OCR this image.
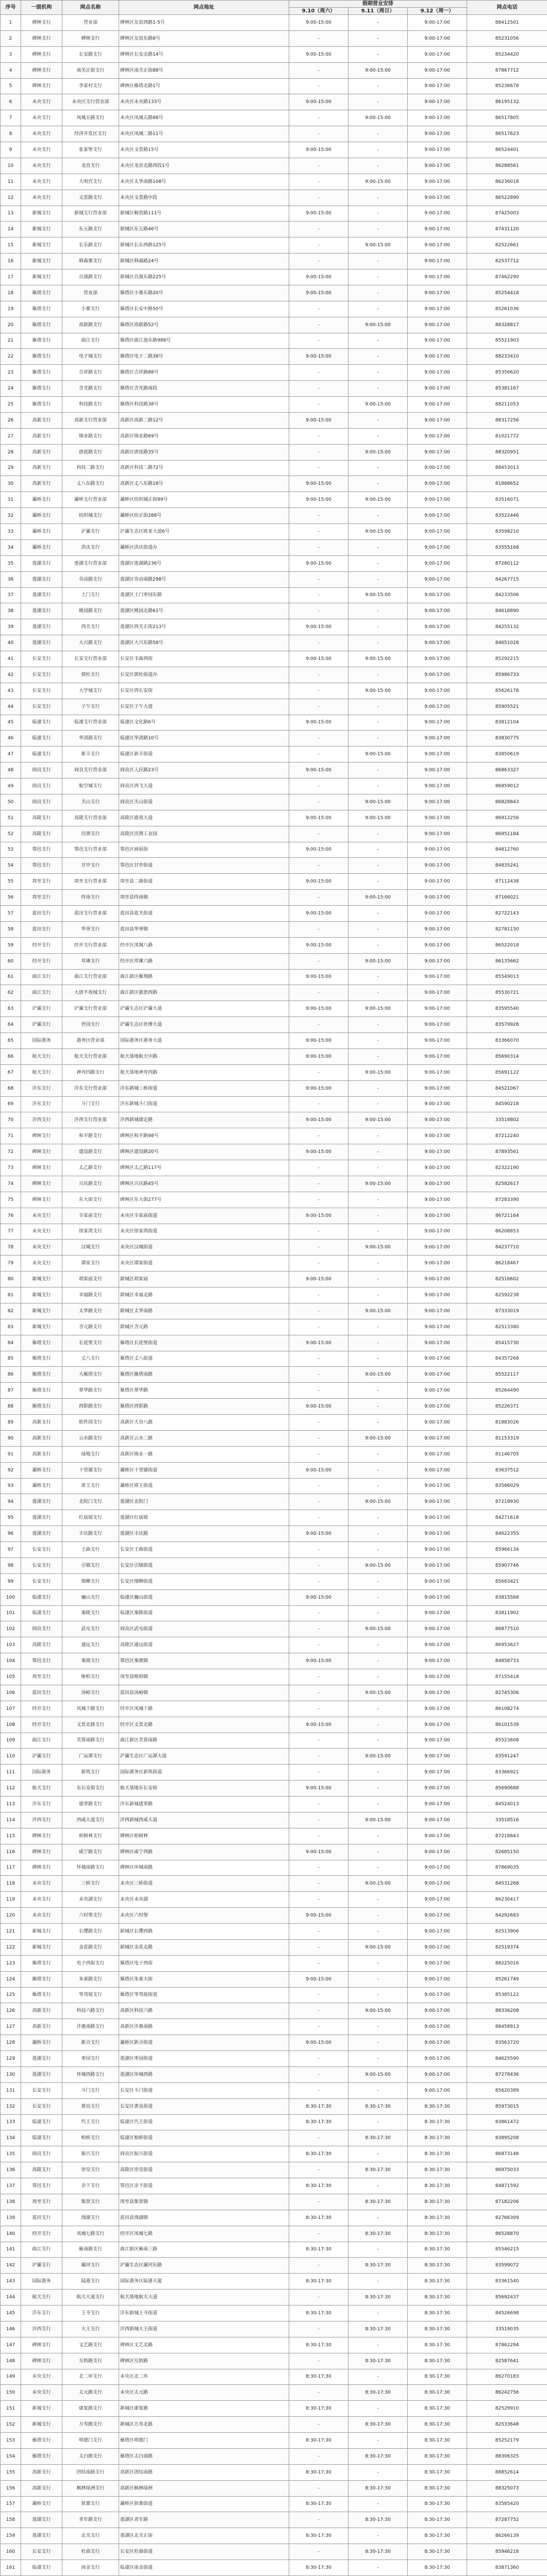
序号	一级机构	网点名称	网点地址	假期营业安排			网点电话
				9.10（周六）	9.11（周日）	9.12（周一）	
1	碑林支行	营业部	碑林区友谊西路1-5号	9:00-15:00	-	9:00-17:00	88412501
2	碑林支行	碑林支行	碑林区友谊东路8号	-	-	9:00-17:00	85231056
3	碑林支行	长安路支行	碑林区长安北路14号	9:00-15:00	-	9:00-17:00	85234420
4	碑林支行	南关正街支行	碑林区南关正街88号	-	9:00-15:00	9:00-17:00	87867712
5	碑林支行	李家村支行	碑林区雁塔北路1号	-	-	9:00-17:00	85236678
6	未央支行	未央区支行营业部	未央区未央路133号	9:00-15:00	-	9:00-17:00	86195132
7	未央支行	凤城五路支行	未央区凤城五路88号	-	9:00-15:00	9:00-17:00	86517805
8	未央支行	经济开发区支行	未央区凤城二路11号	-	-	9:00-17:00	86517623
9	未央支行	张家堡支行	未央区文景路15号	9:00-15:00	-	9:00-17:00	86524401
10	未央支行	龙首支行	未央区龙首北路西段1号	-	-	9:00-17:00	86288561
11	未央支行	大明宫支行	未央区太华南路108号	-	9:00-15:00	9:00-17:00	86236018
12	未央支行	文景路支行	未央区文景路中段	-	-	9:00-17:00	86522890
13	新城支行	新城支行营业部	新城区解放路111号	9:00-15:00	-	9:00-17:00	87425003
14	新城支行	东五路支行	新城区东五路46号	-	-	9:00-17:00	87431120
15	新城支行	长乐路支行	新城区长乐西路125号	-	9:00-15:00	9:00-17:00	82522661
16	新城支行	韩森寨支行	新城区韩森路24号	-	-	9:00-17:00	82537712
17	新城支行	自强路支行	新城区自强东路225号	9:00-15:00	-	9:00-17:00	87462290
18	雁塔支行	营业部	雁塔区小寨东路20号	9:00-15:00	-	9:00-17:00	85254418
19	雁塔支行	小寨支行	雁塔区长安中路50号	-	-	9:00-17:00	85261036
20	雁塔支行	高新路支行	雁塔区高新路52号	-	9:00-15:00	9:00-17:00	88328817
21	雁塔支行	曲江支行	雁塔区曲江池东路988号	-	-	9:00-17:00	85521903
22	雁塔支行	电子城支行	雁塔区电子二路38号	9:00-15:00	-	9:00-17:00	88233410
23	雁塔支行	吉祥路支行	雁塔区吉祥路88号	-	-	9:00-17:00	85356620
24	雁塔支行	含光路支行	雁塔区含光路南段	-	-	9:00-17:00	85381167
25	雁塔支行	科技路支行	雁塔区科技路38号	-	9:00-15:00	9:00-17:00	88211053
26	高新支行	高新支行营业部	高新区高新二路12号	9:00-15:00	-	9:00-17:00	88317256
27	高新支行	锦业路支行	高新区锦业路69号	-	-	9:00-17:00	81021772
28	高新支行	唐延路支行	高新区唐延路35号	-	9:00-15:00	9:00-17:00	88320951
29	高新支行	科技二路支行	高新区科技二路72号	-	-	9:00-17:00	88453013
30	高新支行	丈八东路支行	高新区丈八东路18号	9:00-15:00	-	9:00-17:00	81888652
31	灞桥支行	灞桥支行营业部	灞桥区纺织城正街99号	9:00-15:00	9:00-15:00	9:00-17:00	83516071
32	灞桥支行	纺织城支行	灞桥区纺正街288号	-	-	9:00-17:00	83522446
33	灞桥支行	浐灞支行	浐灞生态区欧亚大道6号	-	9:00-15:00	9:00-17:00	83598210
34	灞桥支行	洪庆支行	灞桥区洪庆街道办	-	-	9:00-17:00	83555168
35	莲湖支行	莲湖支行营业部	莲湖区莲湖路236号	9:00-15:00	-	9:00-17:00	87280112
36	莲湖支行	劳动路支行	莲湖区劳动南路298号	-	-	9:00-17:00	84267715
37	莲湖支行	土门支行	莲湖区土门枣园东路	-	9:00-15:00	9:00-17:00	84233506
38	莲湖支行	桃园路支行	莲湖区桃园北路61号	-	-	9:00-17:00	84618890
39	莲湖支行	西关支行	莲湖区西关正街213号	9:00-15:00	-	9:00-17:00	84255132
40	莲湖支行	大兴路支行	莲湖区大兴东路58号	-	-	9:00-17:00	84651028
41	长安支行	长安支行营业部	长安区韦曲西街	9:00-15:00	9:00-15:00	9:00-17:00	85292215
42	长安支行	郭杜支行	长安区郭杜街道办	-	-	9:00-17:00	85986733
43	长安支行	大学城支行	长安区西长安街	-	9:00-15:00	9:00-17:00	85626178
44	长安支行	子午支行	长安区子午大道	-	-	9:00-17:00	85905521
45	临潼支行	临潼支行营业部	临潼区文化路6号	9:00-15:00	-	9:00-17:00	83812104
46	临潼支行	华清路支行	临潼区华清路10号	-	-	9:00-17:00	83830775
47	临潼支行	新丰支行	临潼区新丰街道	-	9:00-15:00	9:00-17:00	83850619
48	阎良支行	阎良支行营业部	阎良区人民路23号	9:00-15:00	-	9:00-17:00	86863327
49	阎良支行	航空城支行	阎良区西飞大道	-	-	9:00-17:00	86859012
50	阎良支行	关山支行	阎良区关山街道	-	9:00-15:00	9:00-17:00	86828843
51	高陵支行	高陵支行营业部	高陵区鹿苑大道	9:00-15:00	9:00-15:00	9:00-17:00	86912256
52	高陵支行	泾渭支行	高陵区泾渭工业园	-	-	9:00-17:00	86951184
53	鄠邑支行	鄠邑支行营业部	鄠邑区画展街	9:00-15:00	-	9:00-17:00	84812760
54	鄠邑支行	甘亭支行	鄠邑区甘亭街道	-	-	9:00-17:00	84835241
55	周至支行	周至支行营业部	周至县二曲街道	9:00-15:00	-	9:00-17:00	87112438
56	周至支行	终南支行	周至县终南镇	-	9:00-15:00	9:00-17:00	87166021
57	蓝田支行	蓝田支行营业部	蓝田县蓝关街道	9:00-15:00	-	9:00-17:00	82722143
58	蓝田支行	华胥支行	蓝田县华胥镇	-	-	9:00-17:00	82781150
59	经开支行	经开支行营业部	经开区凤城八路	9:00-15:00	-	9:00-17:00	86522018
60	经开支行	草滩支行	经开区草滩六路	-	9:00-15:00	9:00-17:00	86135662
61	曲江支行	曲江支行营业部	曲江新区雁翔路	9:00-15:00	-	9:00-17:00	85549013
62	曲江支行	大唐不夜城支行	曲江新区慈恩西路	-	-	9:00-17:00	85530721
63	浐灞支行	浐灞支行营业部	浐灞生态区浐灞大道	9:00-15:00	9:00-15:00	9:00-17:00	83595540
64	浐灞支行	世园支行	浐灞生态区世博大道	-	-	9:00-17:00	83579928
65	国际港务	港务区营业部	国际港务区港务大道	9:00-15:00	-	9:00-17:00	83366070
66	航天支行	航天支行营业部	航天基地航天中路	9:00-15:00	-	9:00-17:00	85690314
67	航天支行	神舟四路支行	航天基地神舟四路	-	9:00-15:00	9:00-17:00	85691122
68	沣东支行	沣东支行营业部	沣东新城三桥街道	9:00-15:00	-	9:00-17:00	84521067
69	沣东支行	斗门支行	沣东新城斗门街道	-	-	9:00-17:00	84590218
70	沣西支行	沣西支行营业部	沣西新城康定路	9:00-15:00	9:00-15:00	9:00-17:00	33518802
71	碑林支行	和平路支行	碑林区和平路98号	-	-	9:00-17:00	87212240
72	碑林支行	建设路支行	碑林区建设路20号	9:00-15:00	-	9:00-17:00	87893561
73	碑林支行	太乙路支行	碑林区太乙路117号	-	-	9:00-17:00	82322190
74	碑林支行	兴庆路支行	碑林区兴庆路45号	-	9:00-15:00	9:00-17:00	82582617
75	碑林支行	东大街支行	碑林区东大街277号	-	-	9:00-17:00	87283390
76	未央支行	辛家庙支行	未央区辛家庙街道	9:00-15:00	-	9:00-17:00	86721164
77	未央支行	徐家湾支行	未央区徐家湾街道	-	-	9:00-17:00	86208853
78	未央支行	汉城支行	未央区汉城街道	-	9:00-15:00	9:00-17:00	84237710
79	未央支行	谭家支行	未央区谭家街道	-	-	9:00-17:00	86218467
80	新城支行	胡家庙支行	新城区胡家庙	9:00-15:00	-	9:00-17:00	82516602
81	新城支行	幸福路支行	新城区幸福北路	-	-	9:00-17:00	82592238
82	新城支行	太华路支行	新城区太华南路	-	9:00-15:00	9:00-17:00	87333019
83	新城支行	含元路支行	新城区含元路	-	-	9:00-17:00	82513380
84	雁塔支行	长延堡支行	雁塔区长延堡街道	9:00-15:00	-	9:00-17:00	85415730
85	雁塔支行	丈八支行	雁塔区丈八街道	-	-	9:00-17:00	84357268
86	雁塔支行	大雁塔支行	雁塔区雁塔南路	-	9:00-15:00	9:00-17:00	85522117
87	雁塔支行	翠华路支行	雁塔区翠华路	-	-	9:00-17:00	85264490
88	雁塔支行	西影路支行	雁塔区西影路	9:00-15:00	-	9:00-17:00	85226371
89	高新支行	软件园支行	高新区天谷八路	-	-	9:00-17:00	81883026
90	高新支行	云水路支行	高新区云水二路	-	9:00-15:00	9:00-17:00	81153319
91	高新支行	绿地支行	高新区锦业一路	-	-	9:00-17:00	81146705
92	灞桥支行	十里铺支行	灞桥区十里铺街道	9:00-15:00	-	9:00-17:00	83637512
93	灞桥支行	席王支行	灞桥区席王街道	-	-	9:00-17:00	83586029
94	莲湖支行	北院门支行	莲湖区北院门	-	9:00-15:00	9:00-17:00	87219930
95	莲湖支行	红庙坡支行	莲湖区红庙坡	-	-	9:00-17:00	84271618
96	莲湖支行	丰庆路支行	莲湖区丰庆路	9:00-15:00	-	9:00-17:00	84622355
97	长安支行	王曲支行	长安区王曲街道	-	-	9:00-17:00	85966134
98	长安支行	引镇支行	长安区引镇街道	-	9:00-15:00	9:00-17:00	85907746
99	长安支行	细柳支行	长安区细柳街道	-	-	9:00-17:00	85683421
100	临潼支行	骊山支行	临潼区骊山街道	9:00-15:00	-	9:00-17:00	83815568
101	临潼支行	秦陵支行	临潼区秦陵街道	-	-	9:00-17:00	83811902
102	阎良支行	武屯支行	阎良区武屯街道	-	9:00-15:00	9:00-17:00	86877510
103	高陵支行	通远支行	高陵区通远街道	-	-	9:00-17:00	86953627
104	鄠邑支行	秦渡支行	鄠邑区秦渡镇	9:00-15:00	-	9:00-17:00	84858733
105	周至支行	哑柏支行	周至县哑柏镇	-	-	9:00-17:00	87155418
106	蓝田支行	汤峪支行	蓝田县汤峪镇	-	9:00-15:00	9:00-17:00	82745306
107	经开支行	凤城十路支行	经开区凤城十路	-	-	9:00-17:00	86108274
108	经开支行	文景北路支行	经开区文景北路	9:00-15:00	-	9:00-17:00	86101539
109	曲江支行	芙蓉南路支行	曲江新区芙蓉南路	-	-	9:00-17:00	85523608
110	浐灞支行	广运潭支行	浐灞生态区广运潭大道	-	9:00-15:00	9:00-17:00	83591247
111	国际港务	新筑支行	国际港务区新筑街道	-	-	9:00-17:00	83366921
112	航天支行	东长安街支行	航天基地东长安街	9:00-15:00	-	9:00-17:00	85690688
113	沣东支行	建章路支行	沣东新城建章路	-	-	9:00-17:00	84524013
114	沣西支行	西咸大道支行	沣西新城西咸大道	-	9:00-15:00	9:00-17:00	33518516
115	碑林支行	柏树林支行	碑林区柏树林	-	-	9:00-17:00	87218843
116	碑林支行	咸宁路支行	碑林区咸宁西路	9:00-15:00	-	9:00-17:00	82685150
117	碑林支行	环城南路支行	碑林区环城南路	-	-	9:00-17:00	87869035
118	未央支行	三桥支行	未央区三桥街道	-	9:00-15:00	9:00-17:00	84531268
119	未央支行	未央湖支行	未央区未央湖	-	-	9:00-17:00	86230417
120	未央支行	六村堡支行	未央区六村堡	9:00-15:00	-	9:00-17:00	84292683
121	新城支行	长缨路支行	新城区长缨西路	-	-	9:00-17:00	82513906
122	新城支行	金花路支行	新城区金花北路	-	9:00-15:00	9:00-17:00	82519374
123	雁塔支行	电子西街支行	雁塔区电子西街	-	-	9:00-17:00	88225016
124	雁塔支行	朱雀路支行	雁塔区朱雀大街	9:00-15:00	-	9:00-17:00	85261749
125	雁塔支行	等驾坡支行	雁塔区等驾坡街道	-	-	9:00-17:00	85385122
126	高新支行	科技六路支行	高新区科技六路	-	9:00-15:00	9:00-17:00	88336208
127	高新支行	沣惠南路支行	高新区沣惠南路	-	-	9:00-17:00	88458913
128	灞桥支行	新合支行	灞桥区新合街道	9:00-15:00	-	9:00-17:00	83563720
129	莲湖支行	枣园支行	莲湖区枣园街道	-	-	9:00-17:00	84625590
130	莲湖支行	环城西路支行	莲湖区环城西路	-	9:00-15:00	9:00-17:00	87278436
131	长安支行	斗门支行	长安区斗门街道	-	-	9:00-17:00	85620389
132	长安支行	黄良支行	长安区黄良街道	8:30-17:30	8:30-17:30	8:30-17:30	85973015
133	临潼支行	代王支行	临潼区代王街道	8:30-17:30	-	8:30-17:30	83861472
134	临潼支行	相桥支行	临潼区相桥街道	-	8:30-17:30	8:30-17:30	83895208
135	阎良支行	振兴支行	阎良区振兴街道	8:30-17:30	-	8:30-17:30	86873146
136	高陵支行	崇皇支行	高陵区崇皇街道	-	8:30-17:30	8:30-17:30	86975033
137	鄠邑支行	余下支行	鄠邑区余下街道	8:30-17:30	-	8:30-17:30	84871592
138	周至支行	集贤支行	周至县集贤镇	-	8:30-17:30	8:30-17:30	87182206
139	蓝田支行	洩湖支行	蓝田县洩湖镇	8:30-17:30	-	8:30-17:30	82766309
140	经开支行	凤城七路支行	经开区凤城七路	-	8:30-17:30	8:30-17:30	86528870
141	曲江支行	雁南路支行	曲江新区雁南三路	8:30-17:30	-	8:30-17:30	85546215
142	浐灞支行	灞河支行	浐灞生态区灞河东路	-	8:30-17:30	8:30-17:30	83599072
143	国际港务	陆港支行	国际港务区陆港大厦	8:30-17:30	-	8:30-17:30	83361540
144	航天支行	航天大道支行	航天基地航天大道	-	8:30-17:30	8:30-17:30	85692437
145	沣东支行	王寺支行	沣东新城王寺街道	8:30-17:30	-	8:30-17:30	84526698
146	沣西支行	大王支行	沣西新城大王街道	-	8:30-17:30	8:30-17:30	33519035
147	碑林支行	文艺路支行	碑林区文艺北路	8:30-17:30	-	8:30-17:30	87862294
148	碑林支行	互助路支行	碑林区互助路	-	8:30-17:30	8:30-17:30	82587641
149	未央支行	北二环支行	未央区北二环	8:30-17:30	-	8:30-17:30	86270183
150	未央支行	太元路支行	未央区太元路	-	8:30-17:30	8:30-17:30	86242756
151	新城支行	康复路支行	新城区康复路	8:30-17:30	-	8:30-17:30	82529910
152	新城支行	万寿路支行	新城区万寿北路	-	8:30-17:30	8:30-17:30	82533648
153	雁塔支行	明德门支行	雁塔区明德门	8:30-17:30	-	8:30-17:30	85252179
154	雁塔支行	太白路支行	雁塔区太白南路	-	8:30-17:30	8:30-17:30	88306325
155	高新支行	团结南路支行	高新区团结南路	8:30-17:30	-	8:30-17:30	88852614
156	高新支行	枫林绿洲支行	高新区枫林绿洲	-	8:30-17:30	8:30-17:30	88325073
157	灞桥支行	狄寨支行	灞桥区狄寨街道	8:30-17:30	-	8:30-17:30	83585420
158	莲湖支行	青年路支行	莲湖区青年路	-	8:30-17:30	8:30-17:30	87287752
159	莲湖支行	北关支行	莲湖区北关正街	8:30-17:30	-	8:30-17:30	86266139
160	长安支行	杜曲支行	长安区杜曲街道	-	8:30-17:30	8:30-17:30	85946218
161	临潼支行	雨金支行	临潼区雨金街道	8:30-17:30	-	8:30-17:30	83871360
